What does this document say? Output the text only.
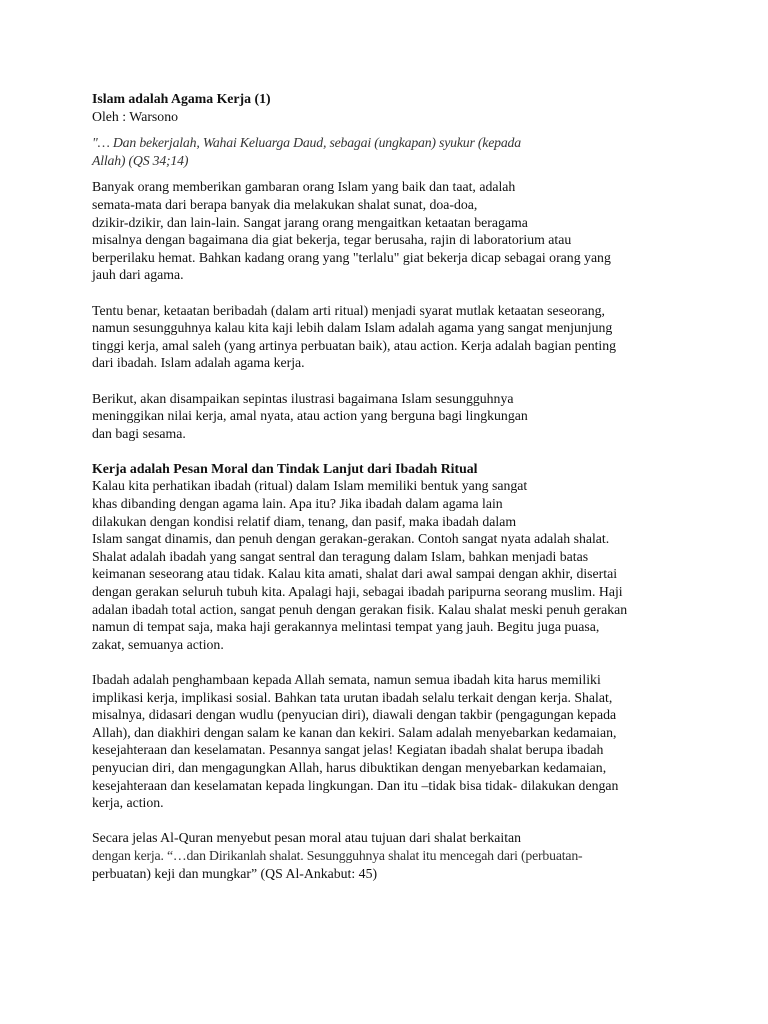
Islam adalah Agama Kerja (1)

Oleh : Warsono

"… Dan bekerjalah, Wahai Keluarga Daud, sebagai (ungkapan) syukur (kepada
Allah) (QS 34;14)
Banyak orang memberikan gambaran orang Islam yang baik dan taat, adalah
semata-mata dari berapa banyak dia melakukan shalat sunat, doa-doa,
dzikir-dzikir, dan lain-lain. Sangat jarang orang mengaitkan ketaatan beragama
misalnya dengan bagaimana dia giat bekerja, tegar berusaha, rajin di laboratorium atau
berperilaku hemat. Bahkan kadang orang yang "terlalu" giat bekerja dicap sebagai orang yang
jauh dari agama.
Tentu benar, ketaatan beribadah (dalam arti ritual) menjadi syarat mutlak ketaatan seseorang,
namun sesungguhnya kalau kita kaji lebih dalam Islam adalah agama yang sangat menjunjung
tinggi kerja, amal saleh (yang artinya perbuatan baik), atau action. Kerja adalah bagian penting
dari ibadah. Islam adalah agama kerja.
Berikut, akan disampaikan sepintas ilustrasi bagaimana Islam sesungguhnya
meninggikan nilai kerja, amal nyata, atau action yang berguna bagi lingkungan
dan bagi sesama.

Kerja adalah Pesan Moral dan Tindak Lanjut dari Ibadah Ritual

Kalau kita perhatikan ibadah (ritual) dalam Islam memiliki bentuk yang sangat
khas dibanding dengan agama lain. Apa itu? Jika ibadah dalam agama lain
dilakukan dengan kondisi relatif diam, tenang, dan pasif, maka ibadah dalam
Islam sangat dinamis, dan penuh dengan gerakan-gerakan. Contoh sangat nyata adalah shalat.
Shalat adalah ibadah yang sangat sentral dan teragung dalam Islam, bahkan menjadi batas
keimanan seseorang atau tidak. Kalau kita amati, shalat dari awal sampai dengan akhir, disertai
dengan gerakan seluruh tubuh kita. Apalagi haji, sebagai ibadah paripurna seorang muslim. Haji
adalan ibadah total action, sangat penuh dengan gerakan fisik. Kalau shalat meski penuh gerakan
namun di tempat saja, maka haji gerakannya melintasi tempat yang jauh. Begitu juga puasa,
zakat, semuanya action.
Ibadah adalah penghambaan kepada Allah semata, namun semua ibadah kita harus memiliki
implikasi kerja, implikasi sosial. Bahkan tata urutan ibadah selalu terkait dengan kerja. Shalat,
misalnya, didasari dengan wudlu (penyucian diri), diawali dengan takbir (pengagungan kepada
Allah), dan diakhiri dengan salam ke kanan dan kekiri. Salam adalah menyebarkan kedamaian,
kesejahteraan dan keselamatan. Pesannya sangat jelas! Kegiatan ibadah shalat berupa ibadah
penyucian diri, dan mengagungkan Allah, harus dibuktikan dengan menyebarkan kedamaian,
kesejahteraan dan keselamatan kepada lingkungan. Dan itu –tidak bisa tidak- dilakukan dengan
kerja, action.
Secara jelas Al-Quran menyebut pesan moral atau tujuan dari shalat berkaitan
dengan kerja. “…dan Dirikanlah shalat. Sesungguhnya shalat itu mencegah dari (perbuatan-
perbuatan) keji dan mungkar” (QS Al-Ankabut: 45)
